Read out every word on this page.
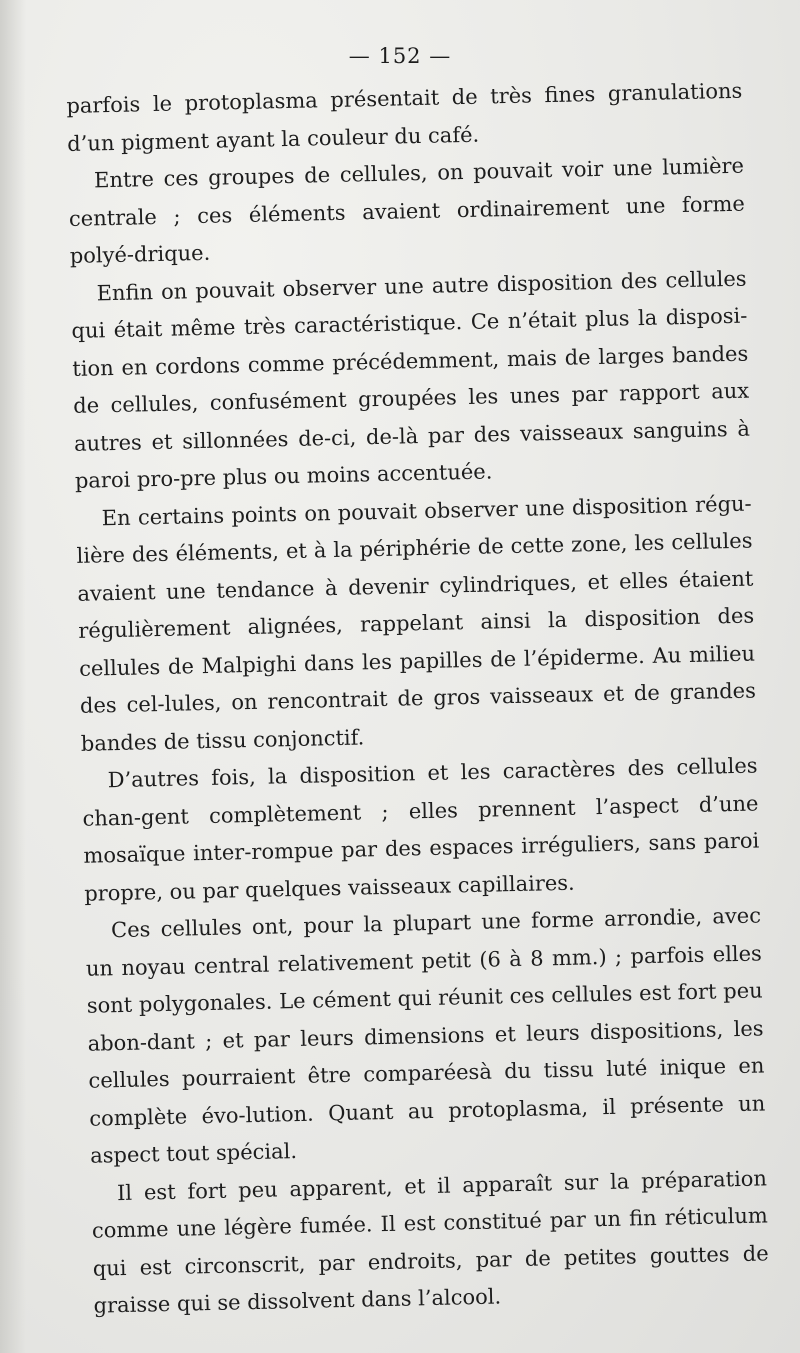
— 152 —

parfois le protoplasma présentait de très fines granulations d’un pigment ayant la couleur du café.

Entre ces groupes de cellules, on pouvait voir une lumière centrale ; ces éléments avaient ordinairement une forme polyé-drique.

Enfin on pouvait observer une autre disposition des cellules qui était même très caractéristique. Ce n’était plus la disposi-tion en cordons comme précédemment, mais de larges bandes de cellules, confusément groupées les unes par rapport aux autres et sillonnées de-ci, de-là par des vaisseaux sanguins à paroi pro-pre plus ou moins accentuée.

En certains points on pouvait observer une disposition régu-lière des éléments, et à la périphérie de cette zone, les cellules avaient une tendance à devenir cylindriques, et elles étaient régulièrement alignées, rappelant ainsi la disposition des cellules de Malpighi dans les papilles de l’épiderme. Au milieu des cel-lules, on rencontrait de gros vaisseaux et de grandes bandes de tissu conjonctif.

D’autres fois, la disposition et les caractères des cellules chan-gent complètement ; elles prennent l’aspect d’une mosaïque inter-rompue par des espaces irréguliers, sans paroi propre, ou par quelques vaisseaux capillaires.

Ces cellules ont, pour la plupart une forme arrondie, avec un noyau central relativement petit (6 à 8 mm.) ; parfois elles sont polygonales. Le cément qui réunit ces cellules est fort peu abon-dant ; et par leurs dimensions et leurs dispositions, les cellules pourraient être comparéesà du tissu luté inique en complète évo-lution. Quant au protoplasma, il présente un aspect tout spécial.

Il est fort peu apparent, et il apparaît sur la préparation comme une légère fumée. Il est constitué par un fin réticulum qui est circonscrit, par endroits, par de petites gouttes de graisse qui se dissolvent dans l’alcool.
